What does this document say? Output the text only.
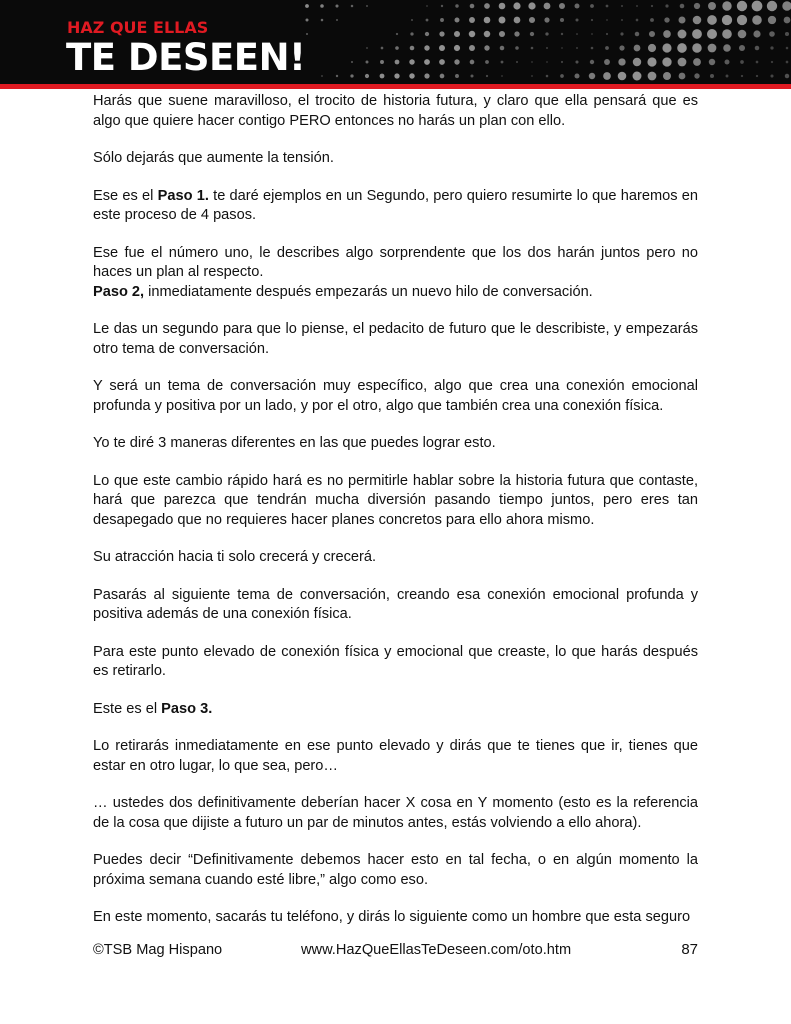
HAZ QUE ELLAS
TE DESEEN!

Harás que suene maravilloso, el trocito de historia futura, y claro que ella pensará que es algo que quiere hacer contigo PERO entonces no harás un plan con ello.

Sólo dejarás que aumente la tensión.

Ese es el Paso 1. te daré ejemplos en un Segundo, pero quiero resumirte lo que haremos en este proceso de 4 pasos.

Ese fue el número uno, le describes algo sorprendente que los dos harán juntos pero no haces un plan al respecto.

Paso 2, inmediatamente después empezarás un nuevo hilo de conversación.

Le das un segundo para que lo piense, el pedacito de futuro que le describiste, y empezarás otro tema de conversación.

Y será un tema de conversación muy específico, algo que crea una conexión emocional profunda y positiva por un lado, y por el otro, algo que también crea una conexión física.

Yo te diré 3 maneras diferentes en las que puedes lograr esto.

Lo que este cambio rápido hará es no permitirle hablar sobre la historia futura que contaste, hará que parezca que tendrán mucha diversión pasando tiempo juntos, pero eres tan desapegado que no requieres hacer planes concretos para ello ahora mismo.

Su atracción hacia ti solo crecerá y crecerá.

Pasarás al siguiente tema de conversación, creando esa conexión emocional profunda y positiva además de una conexión física.

Para este punto elevado de conexión física y emocional que creaste, lo que harás después es retirarlo.

Este es el Paso 3.

Lo retirarás inmediatamente en ese punto elevado y dirás que te tienes que ir, tienes que estar en otro lugar, lo que sea, pero…

… ustedes dos definitivamente deberían hacer X cosa en Y momento (esto es la referencia de la cosa que dijiste a futuro un par de minutos antes, estás volviendo a ello ahora).

Puedes decir “Definitivamente debemos hacer esto en tal fecha, o en algún momento la próxima semana cuando esté libre,” algo como eso.

En este momento, sacarás tu teléfono, y dirás lo siguiente como un hombre que esta seguro

©TSB Mag Hispano	www.HazQueEllasTeDeseen.com/oto.htm	87
